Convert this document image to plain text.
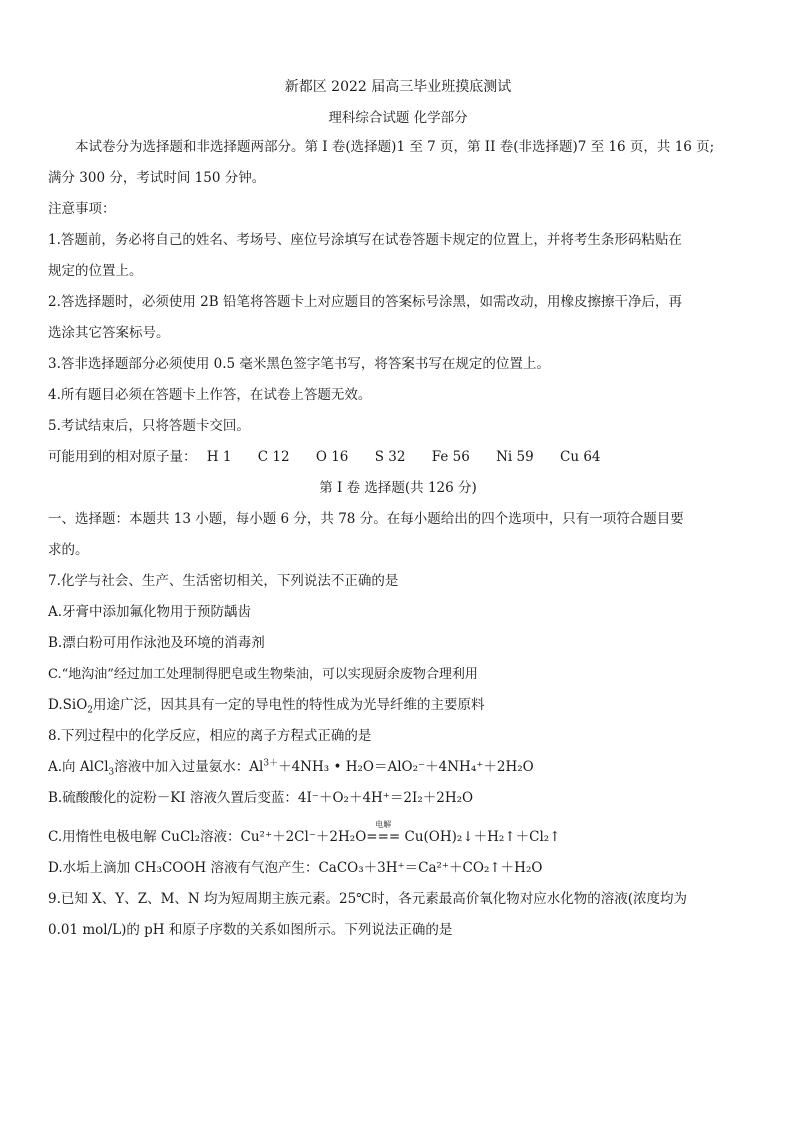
新都区 2022 届高三毕业班摸底测试
理科综合试题 化学部分
本试卷分为选择题和非选择题两部分。第 I 卷(选择题)1 至 7 页，第 II 卷(非选择题)7 至 16 页，共 16 页;
满分 300 分，考试时间 150 分钟。
注意事项：
1.答题前，务必将自己的姓名、考场号、座位号涂填写在试卷答题卡规定的位置上，并将考生条形码粘贴在
规定的位置上。
2.答选择题时，必须使用 2B 铅笔将答题卡上对应题目的答案标号涂黑，如需改动，用橡皮擦擦干净后，再
选涂其它答案标号。
3.答非选择题部分必须使用 0.5 毫米黑色签字笔书写，将答案书写在规定的位置上。
4.所有题目必须在答题卡上作答，在试卷上答题无效。
5.考试结束后，只将答题卡交回。
可能用到的相对原子量： H 1 C 12 O 16 S 32 Fe 56 Ni 59 Cu 64
第 I 卷 选择题(共 126 分)
一、选择题：本题共 13 小题，每小题 6 分，共 78 分。在每小题给出的四个选项中，只有一项符合题目要
求的。
7.化学与社会、生产、生活密切相关，下列说法不正确的是
A.牙膏中添加氟化物用于预防龋齿
B.漂白粉可用作泳池及环境的消毒剂
C.“地沟油”经过加工处理制得肥皂或生物柴油，可以实现厨余废物合理利用
D.SiO$_2$用途广泛，因其具有一定的导电性的特性成为光导纤维的主要原料
8.下列过程中的化学反应，相应的离子方程式正确的是
A.向 AlCl$_3$溶液中加入过量氨水：$Al^{3+}+4NH_3$ • H₂O＝AlO₂⁻＋4NH₄⁺＋2H₂O
B.硫酸酸化的淀粉－KI 溶液久置后变蓝：4I⁻＋O₂＋4H⁺＝2I₂＋2H₂O
C.用惰性电极电解 CuCl₂溶液：Cu²⁺＋2Cl⁻＋2H₂O
电解
=== Cu(OH)₂↓＋H₂↑＋Cl₂↑
D.水垢上滴加 CH₃COOH 溶液有气泡产生：CaCO₃＋3H⁺＝Ca²⁺＋CO₂↑＋H₂O
9.已知 X、Y、Z、M、N 均为短周期主族元素。25℃时，各元素最高价氧化物对应水化物的溶液(浓度均为
0.01 mol/L)的 pH 和原子序数的关系如图所示。下列说法正确的是
